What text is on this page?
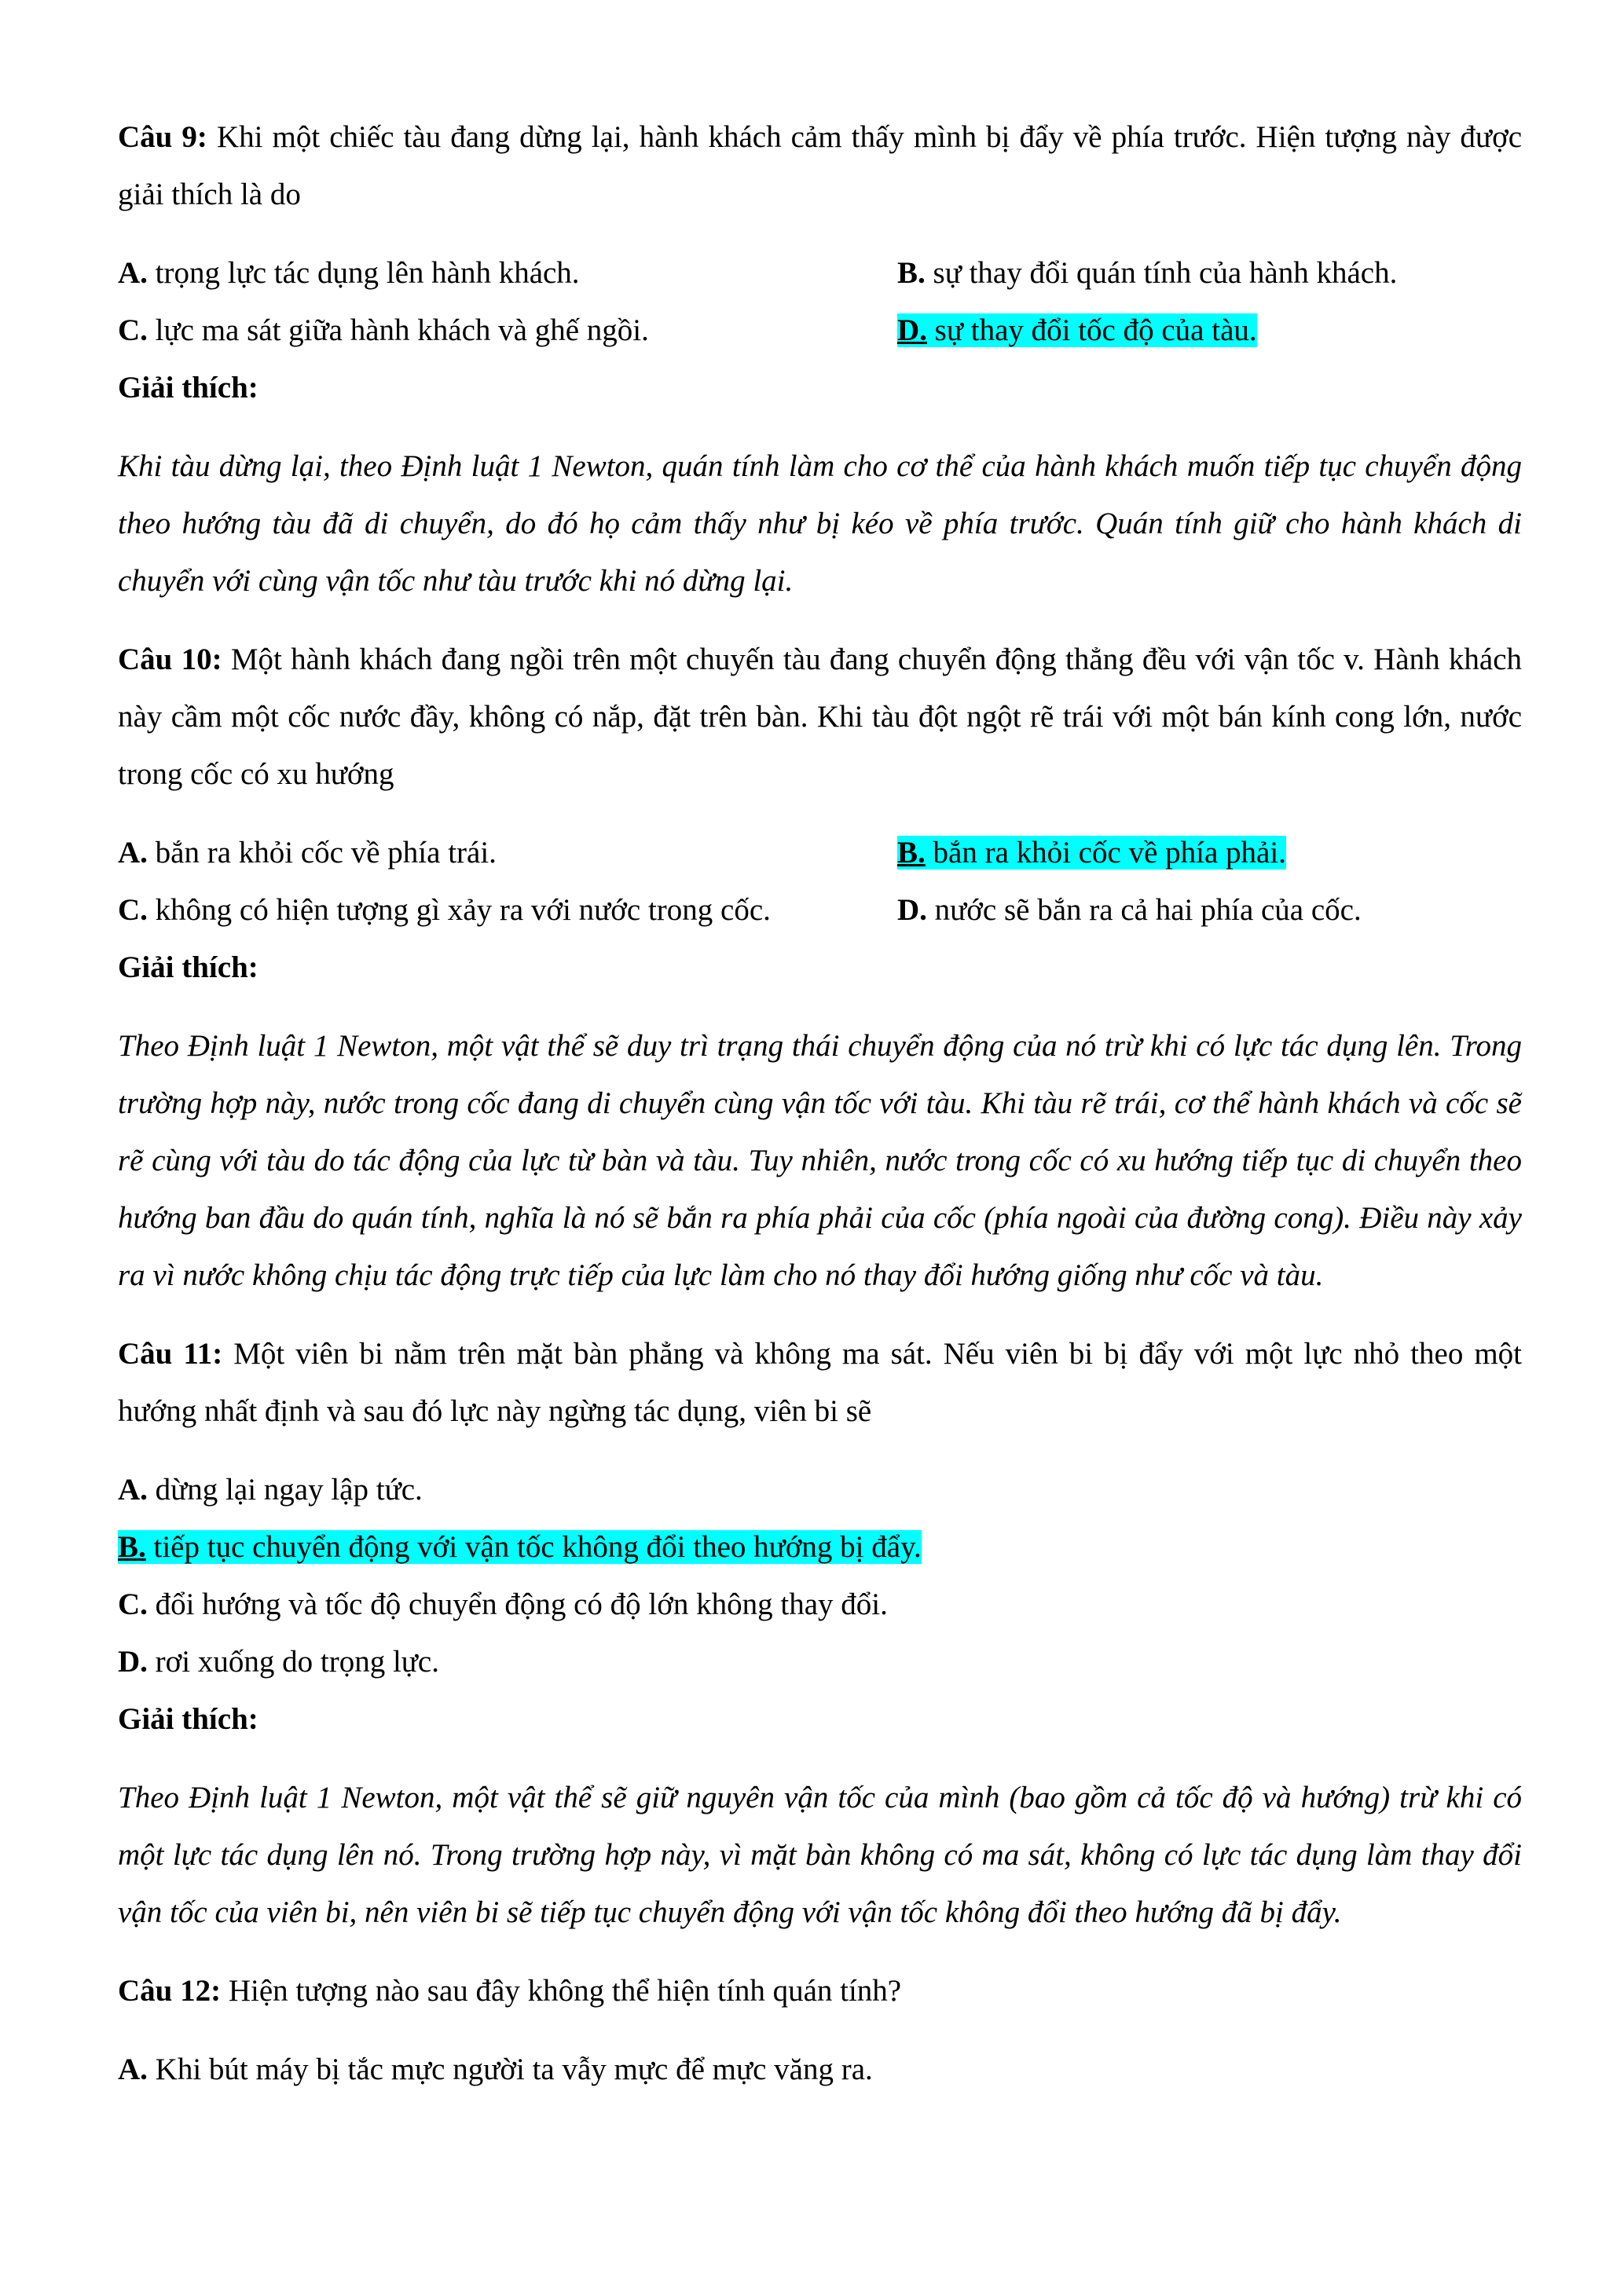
Câu 9: Khi một chiếc tàu đang dừng lại, hành khách cảm thấy mình bị đẩy về phía trước. Hiện tượng này được giải thích là do
A. trọng lực tác dụng lên hành khách.	B. sự thay đổi quán tính của hành khách.
C. lực ma sát giữa hành khách và ghế ngồi.	D. sự thay đổi tốc độ của tàu.
Giải thích:
Khi tàu dừng lại, theo Định luật 1 Newton, quán tính làm cho cơ thể của hành khách muốn tiếp tục chuyển động theo hướng tàu đã di chuyển, do đó họ cảm thấy như bị kéo về phía trước. Quán tính giữ cho hành khách di chuyển với cùng vận tốc như tàu trước khi nó dừng lại.
Câu 10: Một hành khách đang ngồi trên một chuyến tàu đang chuyển động thẳng đều với vận tốc v. Hành khách này cầm một cốc nước đầy, không có nắp, đặt trên bàn. Khi tàu đột ngột rẽ trái với một bán kính cong lớn, nước trong cốc có xu hướng
A. bắn ra khỏi cốc về phía trái.	B. bắn ra khỏi cốc về phía phải.
C. không có hiện tượng gì xảy ra với nước trong cốc.	D. nước sẽ bắn ra cả hai phía của cốc.
Giải thích:
Theo Định luật 1 Newton, một vật thể sẽ duy trì trạng thái chuyển động của nó trừ khi có lực tác dụng lên. Trong trường hợp này, nước trong cốc đang di chuyển cùng vận tốc với tàu. Khi tàu rẽ trái, cơ thể hành khách và cốc sẽ rẽ cùng với tàu do tác động của lực từ bàn và tàu. Tuy nhiên, nước trong cốc có xu hướng tiếp tục di chuyển theo hướng ban đầu do quán tính, nghĩa là nó sẽ bắn ra phía phải của cốc (phía ngoài của đường cong). Điều này xảy ra vì nước không chịu tác động trực tiếp của lực làm cho nó thay đổi hướng giống như cốc và tàu.
Câu 11: Một viên bi nằm trên mặt bàn phẳng và không ma sát. Nếu viên bi bị đẩy với một lực nhỏ theo một hướng nhất định và sau đó lực này ngừng tác dụng, viên bi sẽ
A. dừng lại ngay lập tức.
B. tiếp tục chuyển động với vận tốc không đổi theo hướng bị đẩy.
C. đổi hướng và tốc độ chuyển động có độ lớn không thay đổi.
D. rơi xuống do trọng lực.
Giải thích:
Theo Định luật 1 Newton, một vật thể sẽ giữ nguyên vận tốc của mình (bao gồm cả tốc độ và hướng) trừ khi có một lực tác dụng lên nó. Trong trường hợp này, vì mặt bàn không có ma sát, không có lực tác dụng làm thay đổi vận tốc của viên bi, nên viên bi sẽ tiếp tục chuyển động với vận tốc không đổi theo hướng đã bị đẩy.
Câu 12: Hiện tượng nào sau đây không thể hiện tính quán tính?
A. Khi bút máy bị tắc mực người ta vẫy mực để mực văng ra.
